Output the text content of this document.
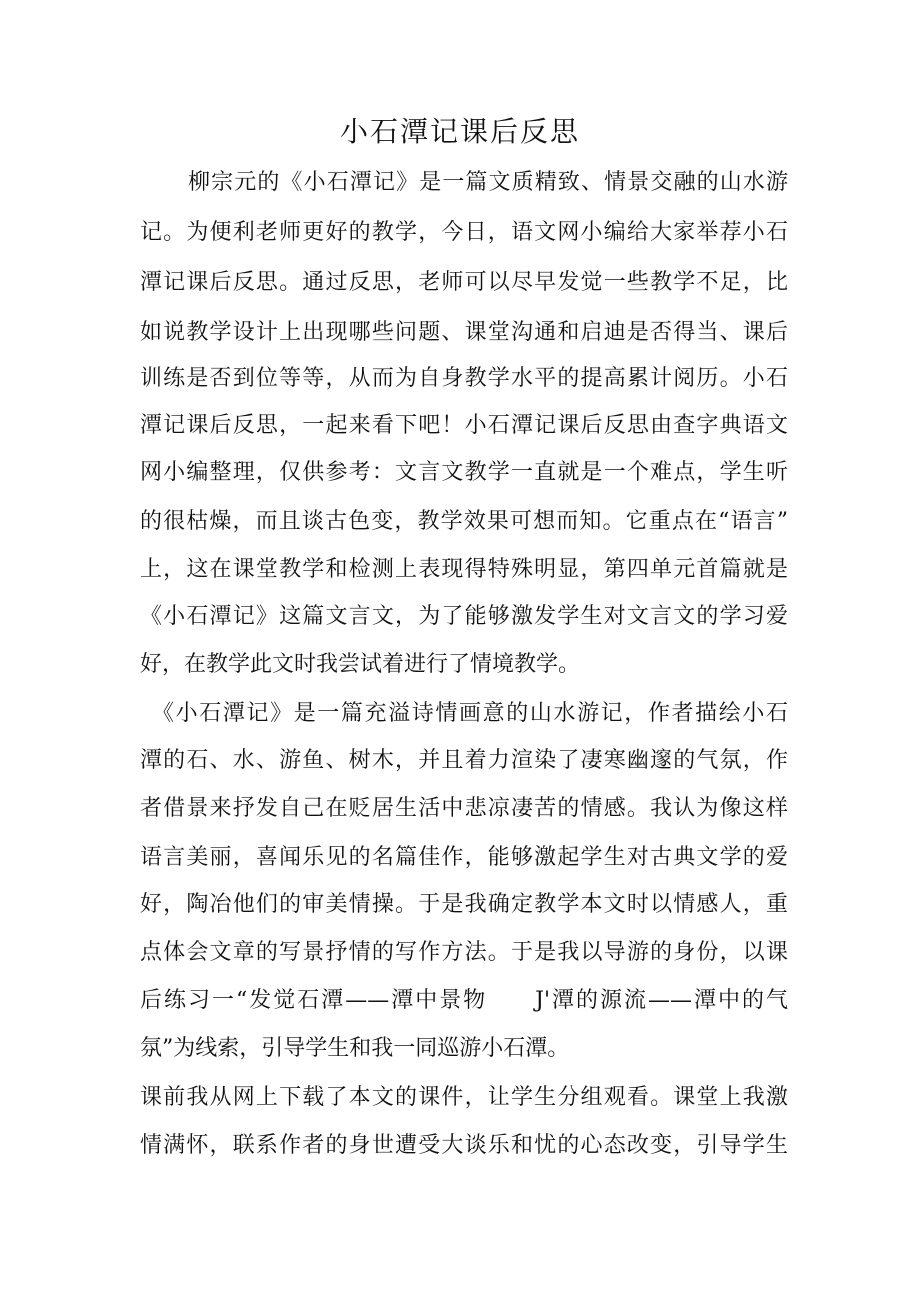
小石潭记课后反思
柳宗元的《小石潭记》是一篇文质精致、情景交融的山水游
记。为便利老师更好的教学，今日，语文网小编给大家举荐小石
潭记课后反思。通过反思，老师可以尽早发觉一些教学不足，比
如说教学设计上出现哪些问题、课堂沟通和启迪是否得当、课后
训练是否到位等等，从而为自身教学水平的提高累计阅历。小石
潭记课后反思，一起来看下吧！小石潭记课后反思由查字典语文
网小编整理，仅供参考：文言文教学一直就是一个难点，学生听
的很枯燥，而且谈古色变，教学效果可想而知。它重点在“语言”
上，这在课堂教学和检测上表现得特殊明显，第四单元首篇就是
《小石潭记》这篇文言文，为了能够激发学生对文言文的学习爱
好，在教学此文时我尝试着进行了情境教学。
《小石潭记》是一篇充溢诗情画意的山水游记，作者描绘小石
潭的石、水、游鱼、树木，并且着力渲染了凄寒幽邃的气氛，作
者借景来抒发自己在贬居生活中悲凉凄苦的情感。我认为像这样
语言美丽，喜闻乐见的名篇佳作，能够激起学生对古典文学的爱
好，陶冶他们的审美情操。于是我确定教学本文时以情感人，重
点体会文章的写景抒情的写作方法。于是我以导游的身份，以课
后练习一“发觉石潭——潭中景物　　J'潭的源流——潭中的气
氛”为线索，引导学生和我一同巡游小石潭。
课前我从网上下载了本文的课件，让学生分组观看。课堂上我激
情满怀，联系作者的身世遭受大谈乐和忧的心态改变，引导学生
